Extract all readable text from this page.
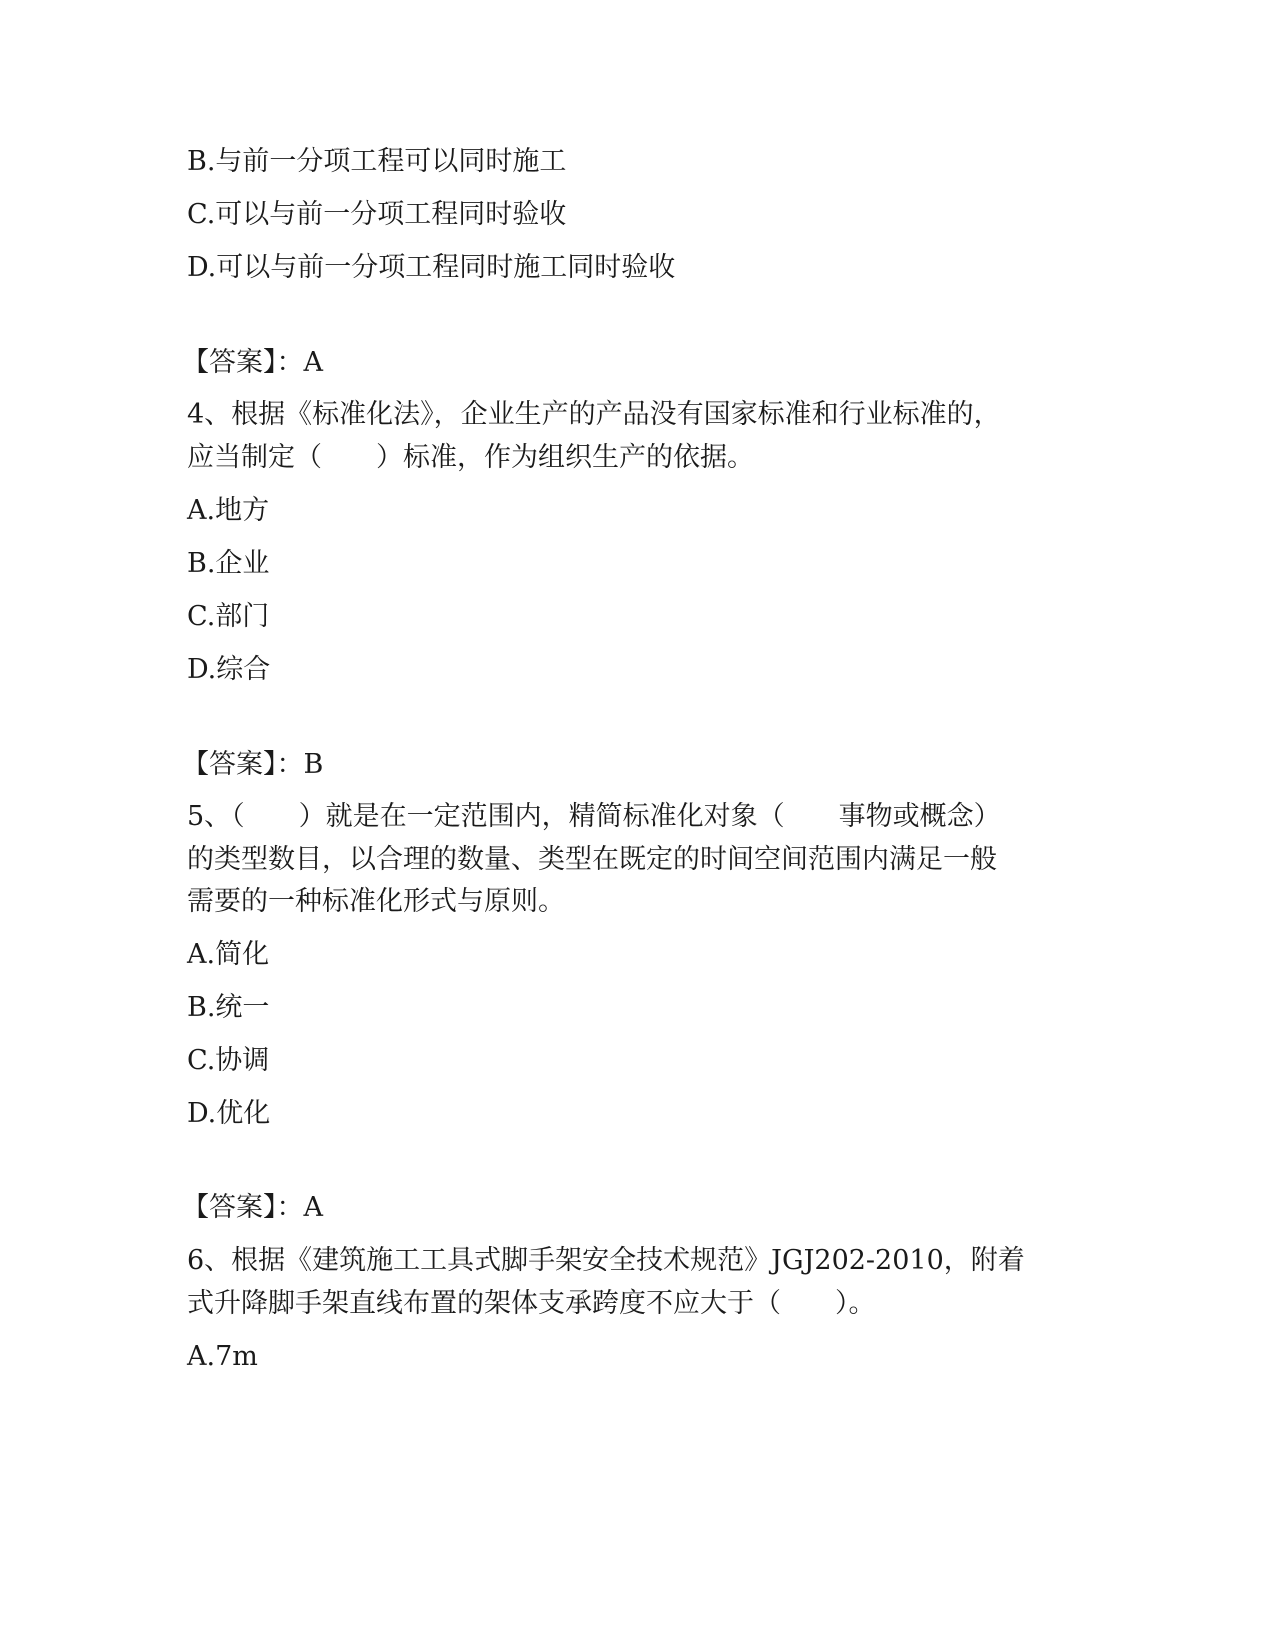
B.与前一分项工程可以同时施工
C.可以与前一分项工程同时验收
D.可以与前一分项工程同时施工同时验收
【答案】：A
4、根据《标准化法》，企业生产的产品没有国家标准和行业标准的，
应当制定（　　）标准，作为组织生产的依据。
A.地方
B.企业
C.部门
D.综合
【答案】：B
5、（　　）就是在一定范围内，精简标准化对象（　　事物或概念）
的类型数目，以合理的数量、类型在既定的时间空间范围内满足一般
需要的一种标准化形式与原则。
A.简化
B.统一
C.协调
D.优化
【答案】：A
6、根据《建筑施工工具式脚手架安全技术规范》JGJ202-2010，附着
式升降脚手架直线布置的架体支承跨度不应大于（　　）。
A.7m
